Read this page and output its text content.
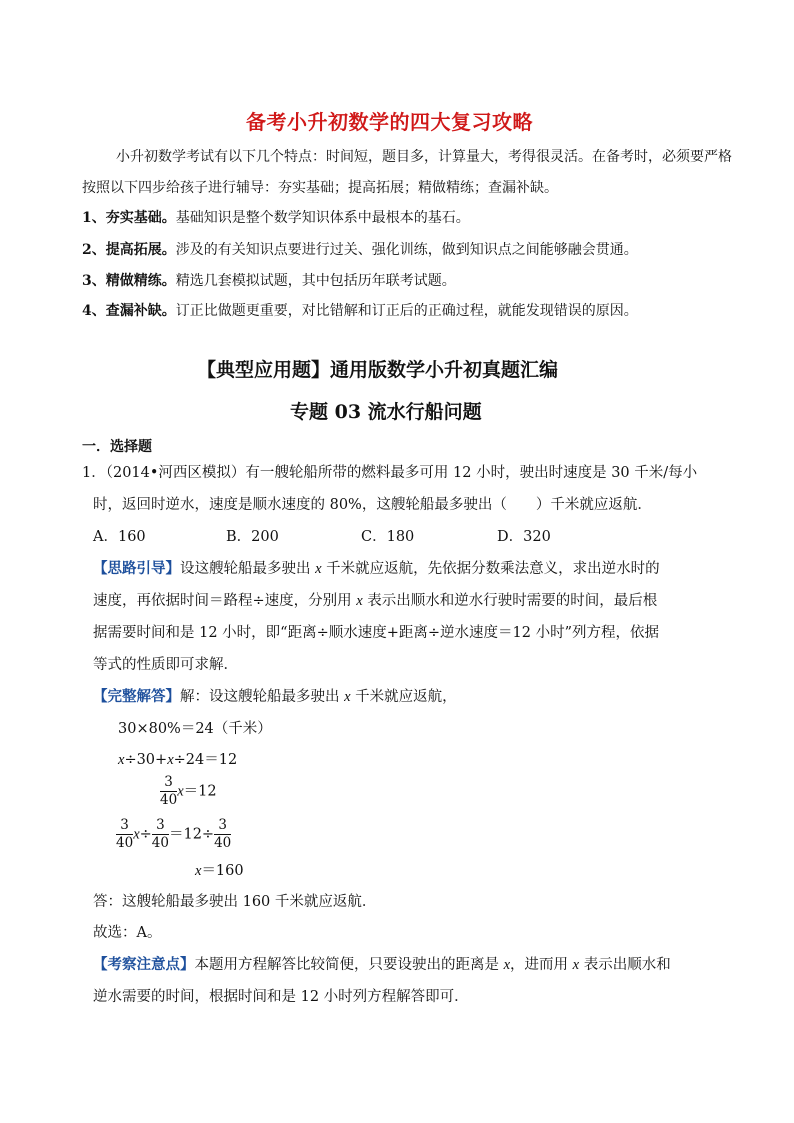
备考小升初数学的四大复习攻略
小升初数学考试有以下几个特点：时间短，题目多，计算量大，考得很灵活。在备考时，必须要严格
按照以下四步给孩子进行辅导：夯实基础；提高拓展；精做精练；查漏补缺。
1、夯实基础。基础知识是整个数学知识体系中最根本的基石。
2、提高拓展。涉及的有关知识点要进行过关、强化训练，做到知识点之间能够融会贯通。
3、精做精练。精选几套模拟试题，其中包括历年联考试题。
4、查漏补缺。订正比做题更重要，对比错解和订正后的正确过程，就能发现错误的原因。
【典型应用题】通用版数学小升初真题汇编
专题 03 流水行船问题
一．选择题
1．（2014•河西区模拟）有一艘轮船所带的燃料最多可用 12 小时，驶出时速度是 30 千米/每小
时，返回时逆水，速度是顺水速度的 80%，这艘轮船最多驶出（　　）千米就应返航．
A．160	B．200	C．180	D．320
【思路引导】设这艘轮船最多驶出 x 千米就应返航，先依据分数乘法意义，求出逆水时的
速度，再依据时间＝路程÷速度，分别用 x 表示出顺水和逆水行驶时需要的时间，最后根
据需要时间和是 12 小时，即“距离÷顺水速度+距离÷逆水速度＝12 小时”列方程，依据
等式的性质即可求解．
【完整解答】解：设这艘轮船最多驶出 x 千米就应返航，
30×80%＝24（千米）
x÷30+x÷24＝12
$\frac{3}{40} x=12$
$\frac{3}{40} x\div \frac{3}{40} =12\div \frac{3}{40}$
x＝160
答：这艘轮船最多驶出 160 千米就应返航．
故选：A。
【考察注意点】本题用方程解答比较简便，只要设驶出的距离是 x，进而用 x 表示出顺水和
逆水需要的时间，根据时间和是 12 小时列方程解答即可．
